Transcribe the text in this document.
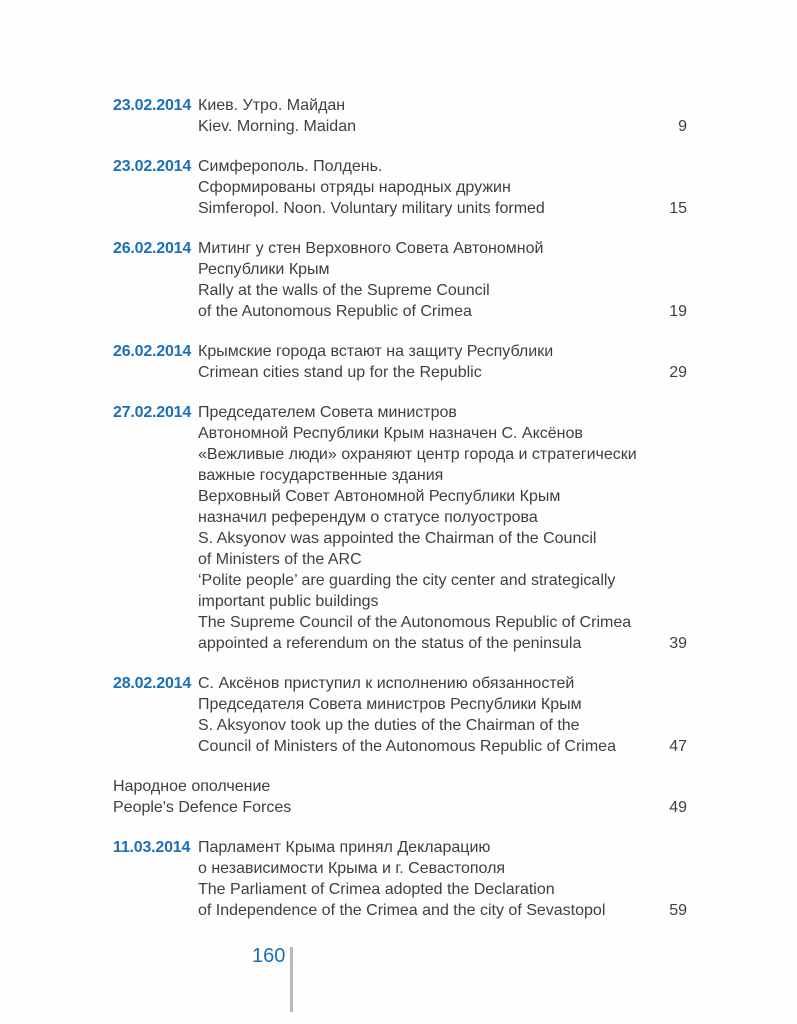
23.02.2014 Киев. Утро. Майдан
Kiev. Morning. Maidan	9
23.02.2014 Симферополь. Полдень.
Сформированы отряды народных дружин
Simferopol. Noon. Voluntary military units formed	15
26.02.2014 Митинг у стен Верховного Совета Автономной
Республики Крым
Rally at the walls of the Supreme Council
of the Autonomous Republic of Crimea	19
26.02.2014 Крымские города встают на защиту Республики
Crimean cities stand up for the Republic	29
27.02.2014 Председателем Совета министров
Автономной Республики Крым назначен С. Аксёнов
«Вежливые люди» охраняют центр города и стратегически
важные государственные здания
Верховный Совет Автономной Республики Крым
назначил референдум о статусе полуострова
S. Aksyonov was appointed the Chairman of the Council
of Ministers of the ARC
‘Polite people’ are guarding the city center and strategically
important public buildings
The Supreme Council of the Autonomous Republic of Crimea
appointed a referendum on the status of the peninsula	39
28.02.2014 С. Аксёнов приступил к исполнению обязанностей
Председателя Совета министров Республики Крым
S. Aksyonov took up the duties of the Chairman of the
Council of Ministers of the Autonomous Republic of Crimea	47
Народное ополчение
People's Defence Forces	49
11.03.2014 Парламент Крыма принял Декларацию
о независимости Крыма и г. Севастополя
The Parliament of Crimea adopted the Declaration
of Independence of the Crimea and the city of Sevastopol	59
160
